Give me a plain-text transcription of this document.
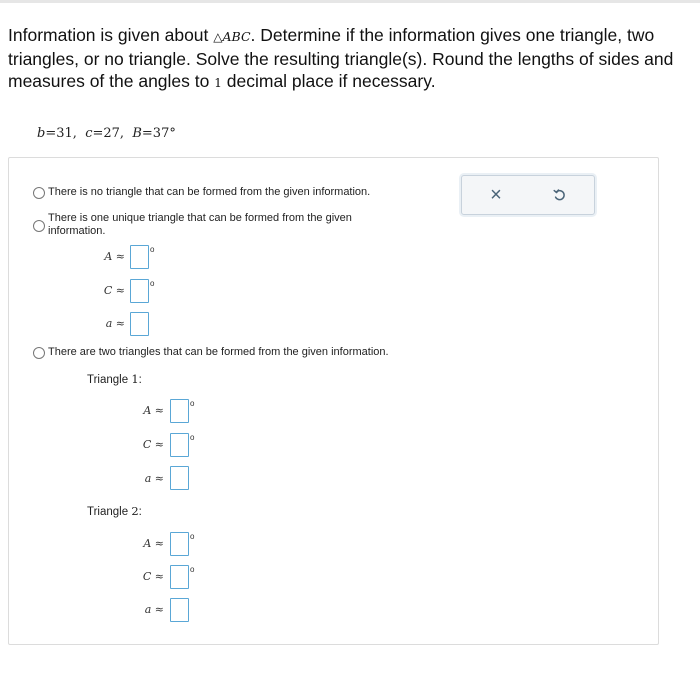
Information is given about △ABC. Determine if the information gives one triangle, two triangles, or no triangle. Solve the resulting triangle(s). Round the lengths of sides and measures of the angles to 1 decimal place if necessary.
b=31,  c=27,  B=37°
There is no triangle that can be formed from the given information.
There is one unique triangle that can be formed from the given information.
A ≈
o
C ≈
o
a ≈
There are two triangles that can be formed from the given information.
Triangle 1:
A ≈
o
C ≈
o
a ≈
Triangle 2:
A ≈
o
C ≈
o
a ≈
×
